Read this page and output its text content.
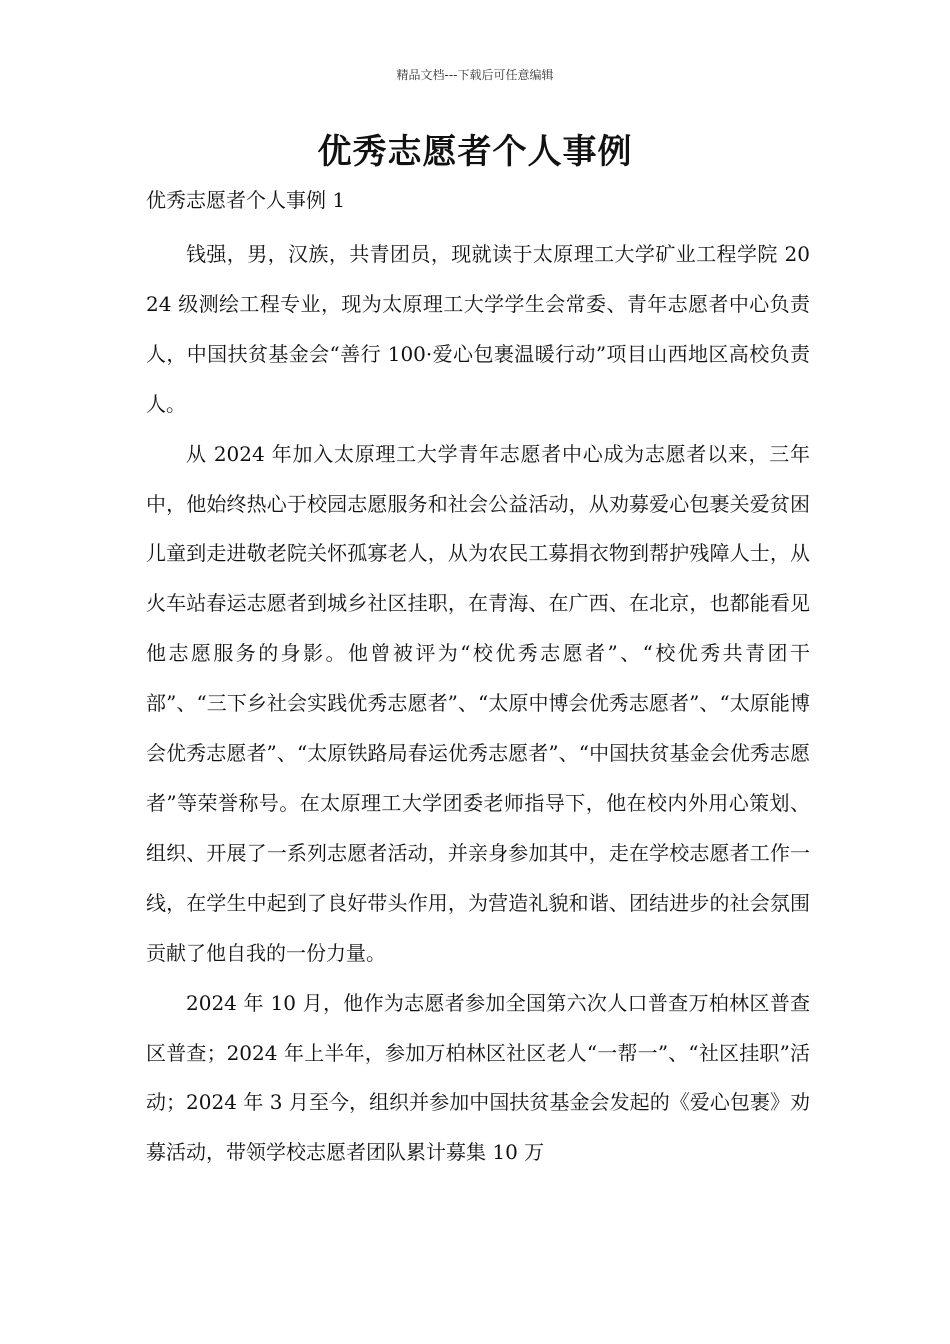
精品文档---下载后可任意编辑
优秀志愿者个人事例
优秀志愿者个人事例 1

钱强，男，汉族，共青团员，现就读于太原理工大学矿业工程学院 2024 级测绘工程专业，现为太原理工大学学生会常委、青年志愿者中心负责人，中国扶贫基金会“善行 100·爱心包裹温暖行动”项目山西地区高校负责人。

从 2024 年加入太原理工大学青年志愿者中心成为志愿者以来，三年中，他始终热心于校园志愿服务和社会公益活动，从劝募爱心包裹关爱贫困儿童到走进敬老院关怀孤寡老人，从为农民工募捐衣物到帮护残障人士，从火车站春运志愿者到城乡社区挂职，在青海、在广西、在北京，也都能看见他志愿服务的身影。他曾被评为“校优秀志愿者”、“校优秀共青团干部”、“三下乡社会实践优秀志愿者”、“太原中博会优秀志愿者”、“太原能博会优秀志愿者”、“太原铁路局春运优秀志愿者”、“中国扶贫基金会优秀志愿者”等荣誉称号。在太原理工大学团委老师指导下，他在校内外用心策划、组织、开展了一系列志愿者活动，并亲身参加其中，走在学校志愿者工作一线，在学生中起到了良好带头作用，为营造礼貌和谐、团结进步的社会氛围贡献了他自我的一份力量。

2024 年 10 月，他作为志愿者参加全国第六次人口普查万柏林区普查区普查；2024 年上半年，参加万柏林区社区老人“一帮一”、“社区挂职”活动；2024 年 3 月至今，组织并参加中国扶贫基金会发起的《爱心包裹》劝募活动，带领学校志愿者团队累计募集 10 万
